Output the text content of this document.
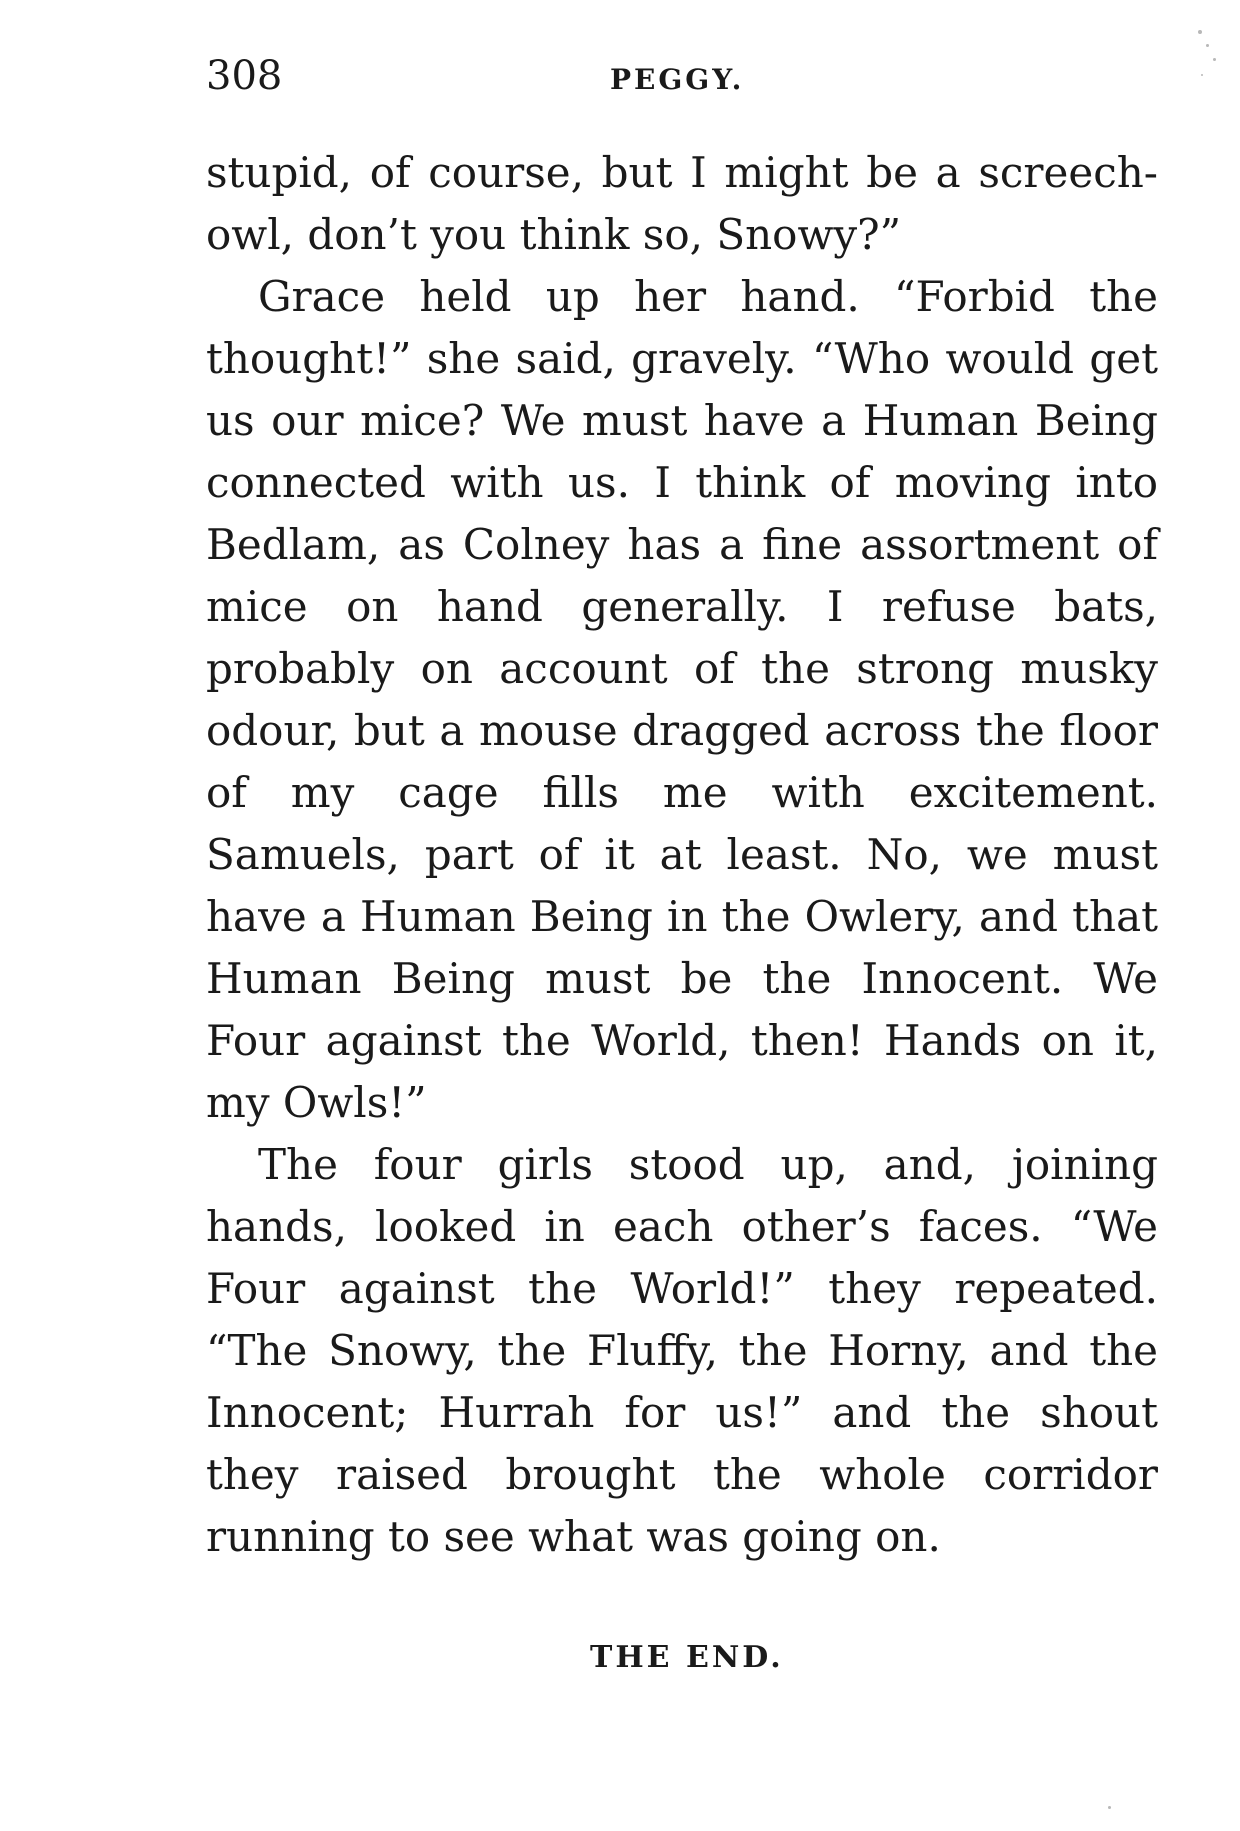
308	PEGGY.

stupid, of course, but I might be a screech-owl, don’t you think so, Snowy?”

Grace held up her hand. “Forbid the thought!” she said, gravely. “Who would get us our mice? We must have a Human Being connected with us. I think of moving into Bedlam, as Colney has a fine assortment of mice on hand generally. I refuse bats, probably on account of the strong musky odour, but a mouse dragged across the floor of my cage fills me with excitement. Samuels, part of it at least. No, we must have a Human Being in the Owlery, and that Human Being must be the Innocent. We Four against the World, then! Hands on it, my Owls!”

The four girls stood up, and, joining hands, looked in each other’s faces. “We Four against the World!” they repeated. “The Snowy, the Fluffy, the Horny, and the Innocent; Hurrah for us!” and the shout they raised brought the whole corridor running to see what was going on.

THE END.
